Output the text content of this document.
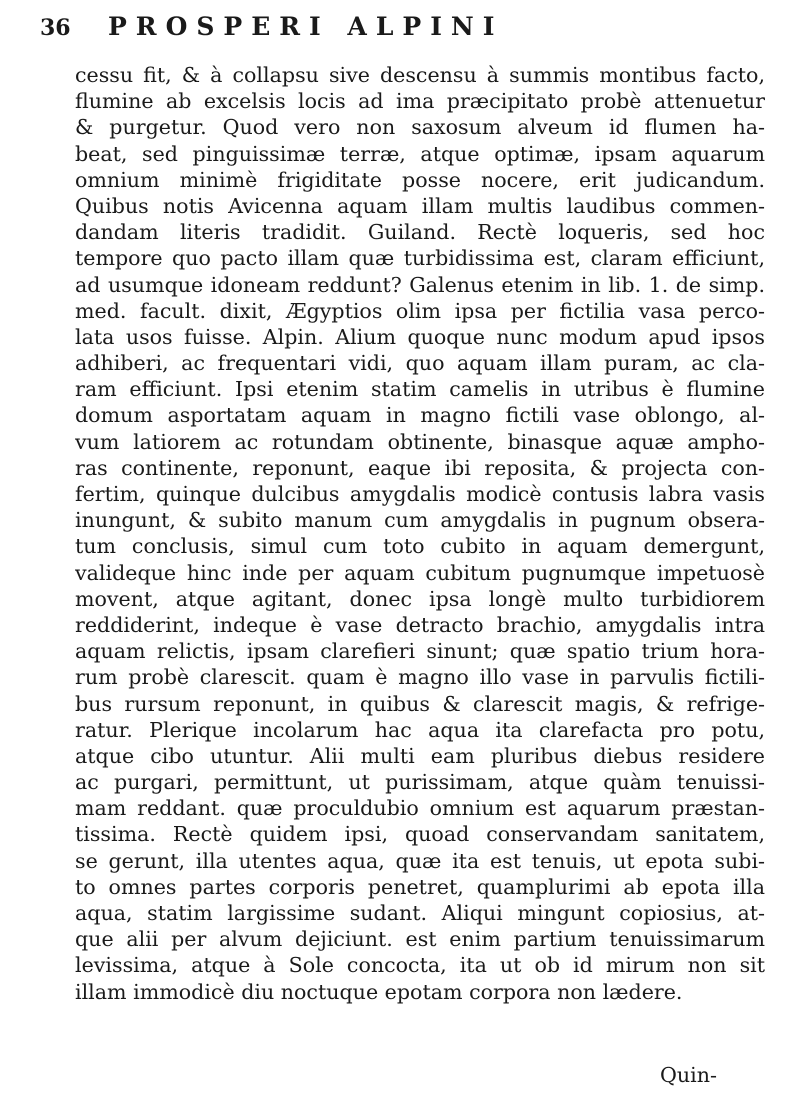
36	PROSPERI ALPINI
cessu fit, & à collapsu sive descensu à summis montibus facto,
flumine ab excelsis locis ad ima præcipitato probè attenuetur
& purgetur. Quod vero non saxosum alveum id flumen ha-
beat, sed pinguissimæ terræ, atque optimæ, ipsam aquarum
omnium minimè frigiditate posse nocere, erit judicandum.
Quibus notis Avicenna aquam illam multis laudibus commen-
dandam literis tradidit. Guiland. Rectè loqueris, sed hoc
tempore quo pacto illam quæ turbidissima est, claram efficiunt,
ad usumque idoneam reddunt? Galenus etenim in lib. 1. de simp.
med. facult. dixit, Ægyptios olim ipsa per fictilia vasa perco-
lata usos fuisse. Alpin. Alium quoque nunc modum apud ipsos
adhiberi, ac frequentari vidi, quo aquam illam puram, ac cla-
ram efficiunt. Ipsi etenim statim camelis in utribus è flumine
domum asportatam aquam in magno fictili vase oblongo, al-
vum latiorem ac rotundam obtinente, binasque aquæ ampho-
ras continente, reponunt, eaque ibi reposita, & projecta con-
fertim, quinque dulcibus amygdalis modicè contusis labra vasis
inungunt, & subito manum cum amygdalis in pugnum obsera-
tum conclusis, simul cum toto cubito in aquam demergunt,
valideque hinc inde per aquam cubitum pugnumque impetuosè
movent, atque agitant, donec ipsa longè multo turbidiorem
reddiderint, indeque è vase detracto brachio, amygdalis intra
aquam relictis, ipsam clarefieri sinunt; quæ spatio trium hora-
rum probè clarescit. quam è magno illo vase in parvulis fictili-
bus rursum reponunt, in quibus & clarescit magis, & refrige-
ratur. Plerique incolarum hac aqua ita clarefacta pro potu,
atque cibo utuntur. Alii multi eam pluribus diebus residere
ac purgari, permittunt, ut purissimam, atque quàm tenuissi-
mam reddant. quæ proculdubio omnium est aquarum præstan-
tissima. Rectè quidem ipsi, quoad conservandam sanitatem,
se gerunt, illa utentes aqua, quæ ita est tenuis, ut epota subi-
to omnes partes corporis penetret, quamplurimi ab epota illa
aqua, statim largissime sudant. Aliqui mingunt copiosius, at-
que alii per alvum dejiciunt. est enim partium tenuissimarum
levissima, atque à Sole concocta, ita ut ob id mirum non sit
illam immodicè diu noctuque epotam corpora non lædere.
Quin-
